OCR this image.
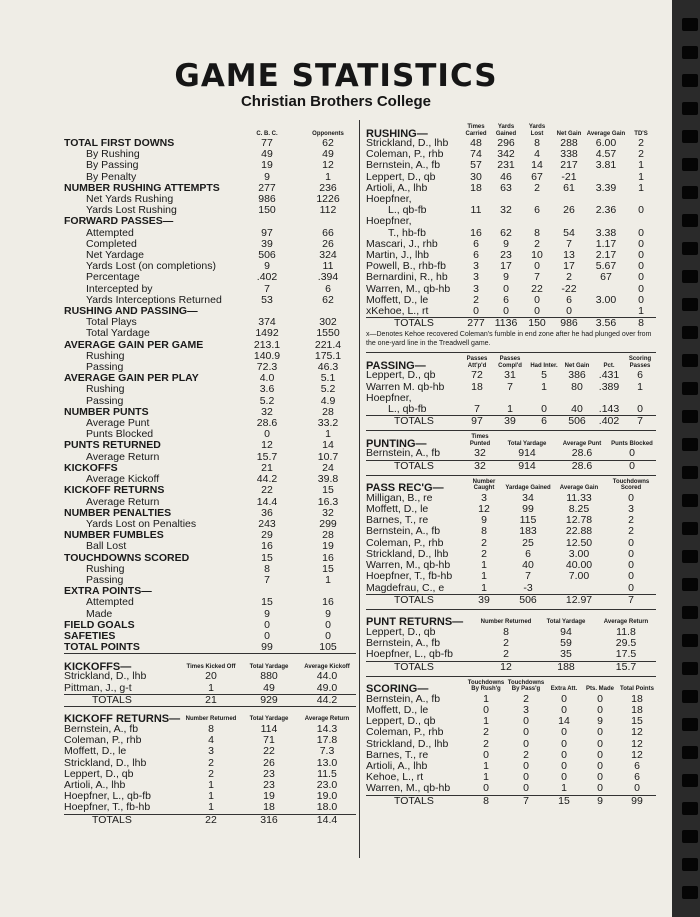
GAME STATISTICS
Christian Brothers College
	C. B. C.	Opponents
TOTAL FIRST DOWNS	77	62
By Rushing	49	49
By Passing	19	12
By Penalty	9	1
NUMBER RUSHING ATTEMPTS	277	236
Net Yards Rushing	986	1226
Yards Lost Rushing	150	112
FORWARD PASSES—		
Attempted	97	66
Completed	39	26
Net Yardage	506	324
Yards Lost (on completions)	9	11
Percentage	.402	.394
Intercepted by	7	6
Yards Interceptions Returned	53	62
RUSHING AND PASSING—		
Total Plays	374	302
Total Yardage	1492	1550
AVERAGE GAIN PER GAME	213.1	221.4
Rushing	140.9	175.1
Passing	72.3	46.3
AVERAGE GAIN PER PLAY	4.0	5.1
Rushing	3.6	5.2
Passing	5.2	4.9
NUMBER PUNTS	32	28
Average Punt	28.6	33.2
Punts Blocked	0	1
PUNTS RETURNED	12	14
Average Return	15.7	10.7
KICKOFFS	21	24
Average Kickoff	44.2	39.8
KICKOFF RETURNS	22	15
Average Return	14.4	16.3
NUMBER PENALTIES	36	32
Yards Lost on Penalties	243	299
NUMBER FUMBLES	29	28
Ball Lost	16	19
TOUCHDOWNS SCORED	15	16
Rushing	8	15
Passing	7	1
EXTRA POINTS—		
Attempted	15	16
Made	9	9
FIELD GOALS	0	0
SAFETIES	0	0
TOTAL POINTS	99	105
KICKOFFS—	Times Kicked Off	Total Yardage	Average Kickoff
Strickland, D., lhb	20	880	44.0
Pittman, J., g-t	1	49	49.0
TOTALS	21	929	44.2
KICKOFF RETURNS—	Number Returned	Total Yardage	Average Return
Bernstein, A., fb	8	114	14.3
Coleman, P., rhb	4	71	17.8
Moffett, D., le	3	22	7.3
Strickland, D., lhb	2	26	13.0
Leppert, D., qb	2	23	11.5
Artioli, A., lhb	1	23	23.0
Hoepfner, L., qb-fb	1	19	19.0
Hoepfner, T., fb-hb	1	18	18.0
TOTALS	22	316	14.4
RUSHING—	Times Carried	Yards Gained	Yards Lost	Net Gain	Average Gain	TD'S
Strickland, D., lhb	48	296	8	288	6.00	2
Coleman, P., rhb	74	342	4	338	4.57	2
Bernstein, A., fb	57	231	14	217	3.81	1
Leppert, D., qb	30	46	67	-21		1
Artioli, A., lhb	18	63	2	61	3.39	1
Hoepfner,						
L., qb-fb	11	32	6	26	2.36	0
Hoepfner,						
T., hb-fb	16	62	8	54	3.38	0
Mascari, J., rhb	6	9	2	7	1.17	0
Martin, J., lhb	6	23	10	13	2.17	0
Powell, B., rhb-fb	3	17	0	17	5.67	0
Bernardini, R., hb	3	9	7	2	67	0
Warren, M., qb-hb	3	0	22	-22		0
Moffett, D., le	2	6	0	6	3.00	0
xKehoe, L., rt	0	0	0	0		1
TOTALS	277	1136	150	986	3.56	8
x—Denotes Kehoe recovered Coleman's fumble in end zone after he had plunged over from the one-yard line in the Treadwell game.
PASSING—	Passes Att'p'd	Passes Compl'd	Had Inter.	Net Gain	Pct.	Scoring Passes
Leppert, D., qb	72	31	5	386	.431	6
Warren M. qb-hb	18	7	1	80	.389	1
Hoepfner,						
L., qb-fb	7	1	0	40	.143	0
TOTALS	97	39	6	506	.402	7
PUNTING—	Times Punted	Total Yardage	Average Punt	Punts Blocked
Bernstein, A., fb	32	914	28.6	0
TOTALS	32	914	28.6	0
PASS REC'G—	Number Caught	Yardage Gained	Average Gain	Touchdowns Scored
Milligan, B., re	3	34	11.33	0
Moffett, D., le	12	99	8.25	3
Barnes, T., re	9	115	12.78	2
Bernstein, A., fb	8	183	22.88	2
Coleman, P., rhb	2	25	12.50	0
Strickland, D., lhb	2	6	3.00	0
Warren, M., qb-hb	1	40	40.00	0
Hoepfner, T., fb-hb	1	7	7.00	0
Magdefrau, C., e	1	-3		0
TOTALS	39	506	12.97	7
PUNT RETURNS—	Number Returned	Total Yardage	Average Return
Leppert, D., qb	8	94	11.8
Bernstein, A., fb	2	59	29.5
Hoepfner, L., qb-fb	2	35	17.5
TOTALS	12	188	15.7
SCORING—	Touchdowns By Rush'g	Touchdowns By Pass'g	Extra Att.	Pts. Made	Total Points
Bernstein, A., fb	1	2	0	0	18
Moffett, D., le	0	3	0	0	18
Leppert, D., qb	1	0	14	9	15
Coleman, P., rhb	2	0	0	0	12
Strickland, D., lhb	2	0	0	0	12
Barnes, T., re	0	2	0	0	12
Artioli, A., lhb	1	0	0	0	6
Kehoe, L., rt	1	0	0	0	6
Warren, M., qb-hb	0	0	1	0	0
TOTALS	8	7	15	9	99
